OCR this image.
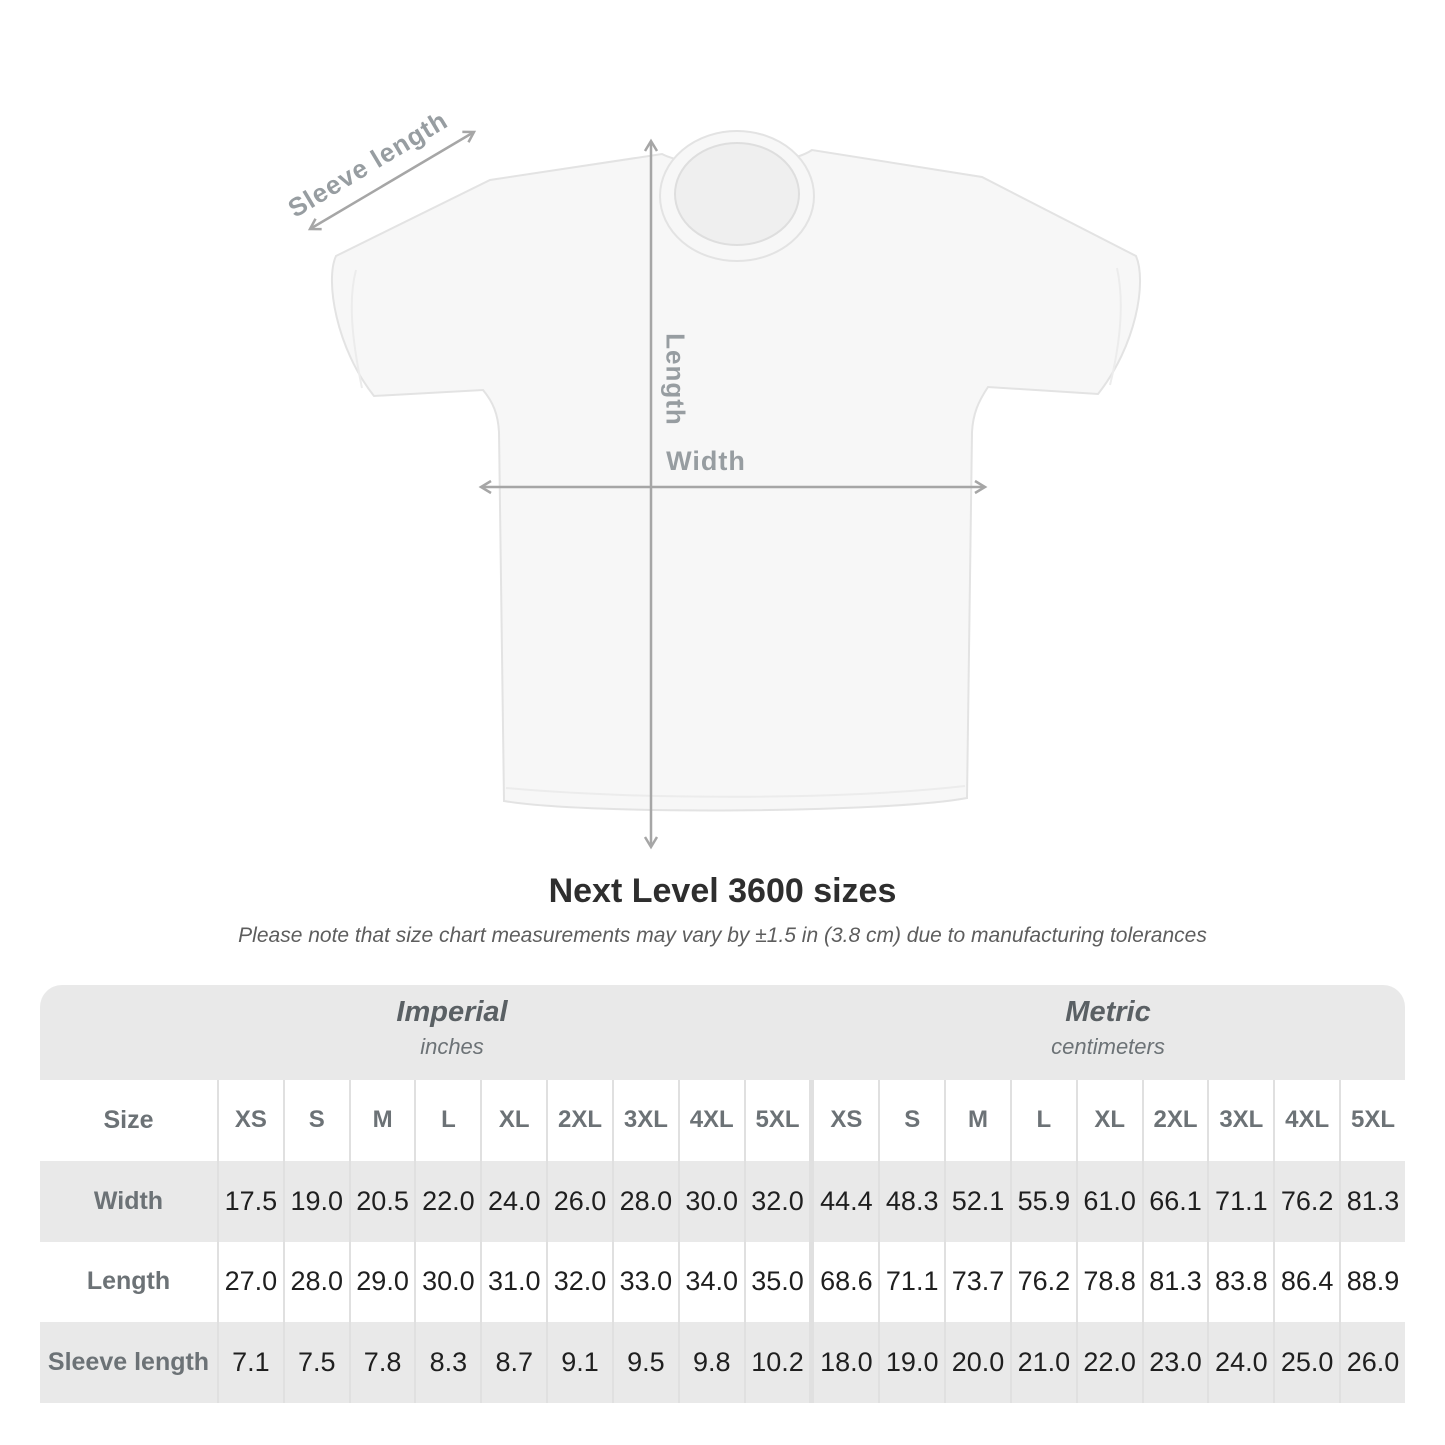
Sleeve length
Length
Width
Next Level 3600 sizes
Please note that size chart measurements may vary by ±1.5 in (3.8 cm) due to manufacturing tolerances
Imperial
inches
Metric
centimeters
Size	XS	S	M	L	XL	2XL 3XL 4XL 5XL	XS	S	M	L	XL	2XL 3XL 4XL 5XL
Width	17.5 19.0 20.5 22.0 24.0 26.0 28.0 30.0 32.0 44.4 48.3 52.1 55.9 61.0 66.1 71.1 76.2 81.3
Length	27.0 28.0 29.0 30.0 31.0 32.0 33.0 34.0 35.0 68.6 71.1 73.7 76.2 78.8 81.3 83.8 86.4 88.9
Sleeve length 7.1	7.5	7.8	8.3	8.7	9.1	9.5	9.8 10.2 18.0 19.0 20.0 21.0 22.0 23.0 24.0 25.0 26.0
